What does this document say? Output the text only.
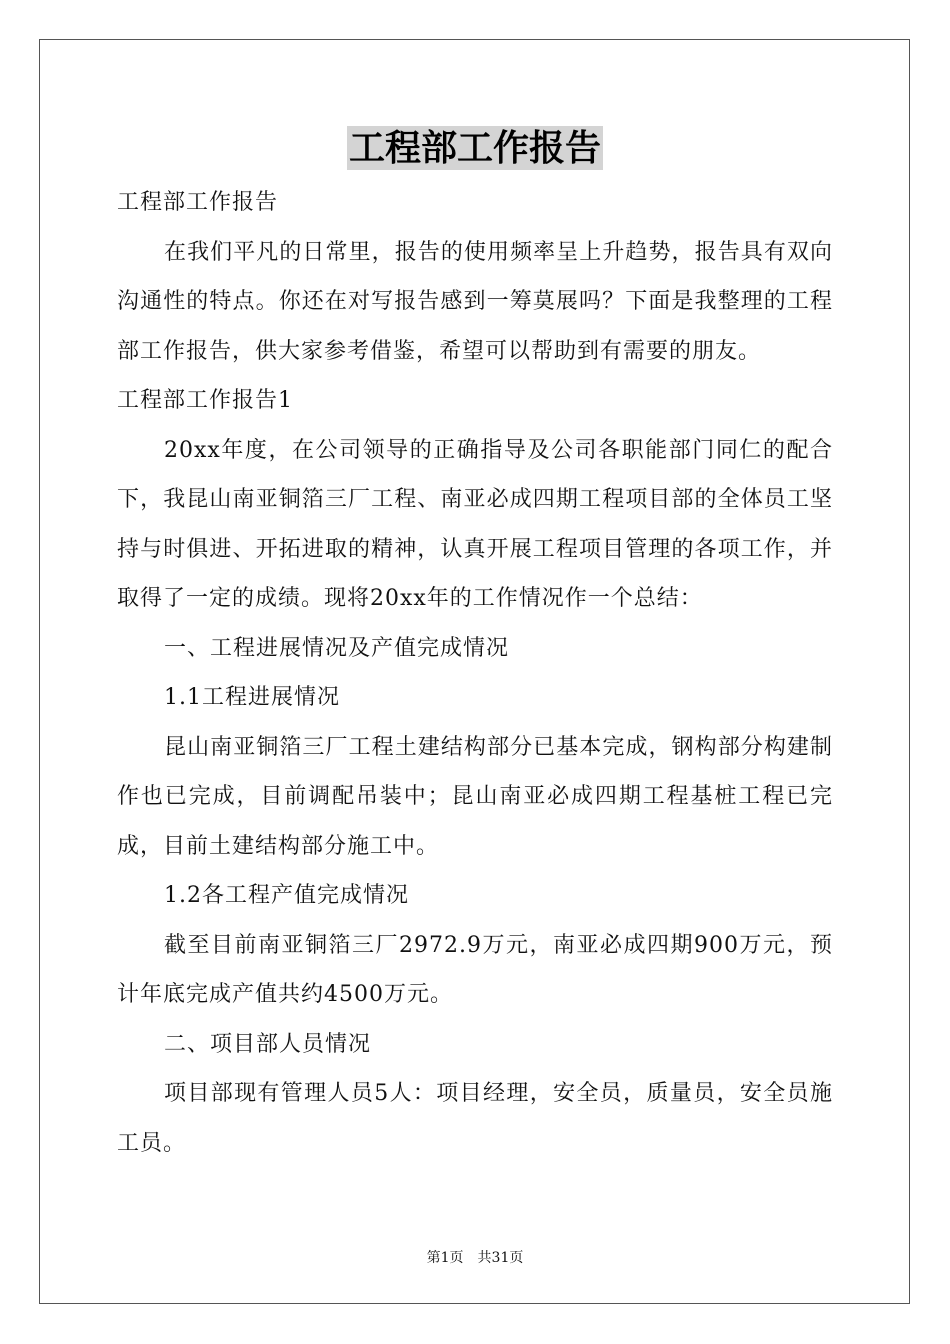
工程部工作报告

工程部工作报告

在我们平凡的日常里，报告的使用频率呈上升趋势，报告具有双向沟通性的特点。你还在对写报告感到一筹莫展吗？下面是我整理的工程部工作报告，供大家参考借鉴，希望可以帮助到有需要的朋友。

工程部工作报告1

20xx年度，在公司领导的正确指导及公司各职能部门同仁的配合下，我昆山南亚铜箔三厂工程、南亚必成四期工程项目部的全体员工坚持与时俱进、开拓进取的精神，认真开展工程项目管理的各项工作，并取得了一定的成绩。现将20xx年的工作情况作一个总结：

一、工程进展情况及产值完成情况

1.1工程进展情况

昆山南亚铜箔三厂工程土建结构部分已基本完成，钢构部分构建制作也已完成，目前调配吊装中；昆山南亚必成四期工程基桩工程已完成，目前土建结构部分施工中。

1.2各工程产值完成情况

截至目前南亚铜箔三厂2972.9万元，南亚必成四期900万元，预计年底完成产值共约4500万元。

二、项目部人员情况

项目部现有管理人员5人：项目经理，安全员，质量员，安全员施工员。

第1页 共31页
